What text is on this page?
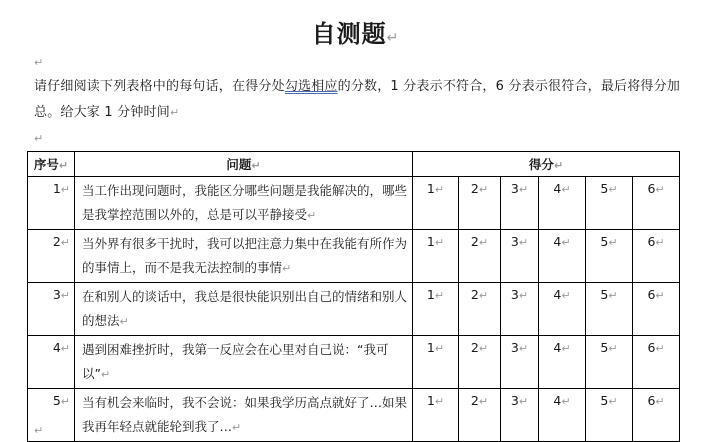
自测题↵
↵
请仔细阅读下列表格中的每句话，在得分处勾选相应的分数，1 分表示不符合，6 分表示很符合，最后将得分加总。给大家 1 分钟时间↵
↵
序号↵	问题↵	得分↵					
1↵	当工作出现问题时，我能区分哪些问题是我能解决的，哪些是我掌控范围以外的，总是可以平静接受↵	1↵	2↵	3↵	4↵	5↵	6↵
2↵	当外界有很多干扰时，我可以把注意力集中在我能有所作为的事情上，而不是我无法控制的事情↵	1↵	2↵	3↵	4↵	5↵	6↵
3↵	在和别人的谈话中，我总是很快能识别出自己的情绪和别人的想法↵	1↵	2↵	3↵	4↵	5↵	6↵
4↵	遇到困难挫折时，我第一反应会在心里对自己说：“我可以”↵	1↵	2↵	3↵	4↵	5↵	6↵
5↵	当有机会来临时，我不会说：如果我学历高点就好了…如果我再年轻点就能轮到我了…↵	1↵	2↵	3↵	4↵	5↵	6↵
↵
